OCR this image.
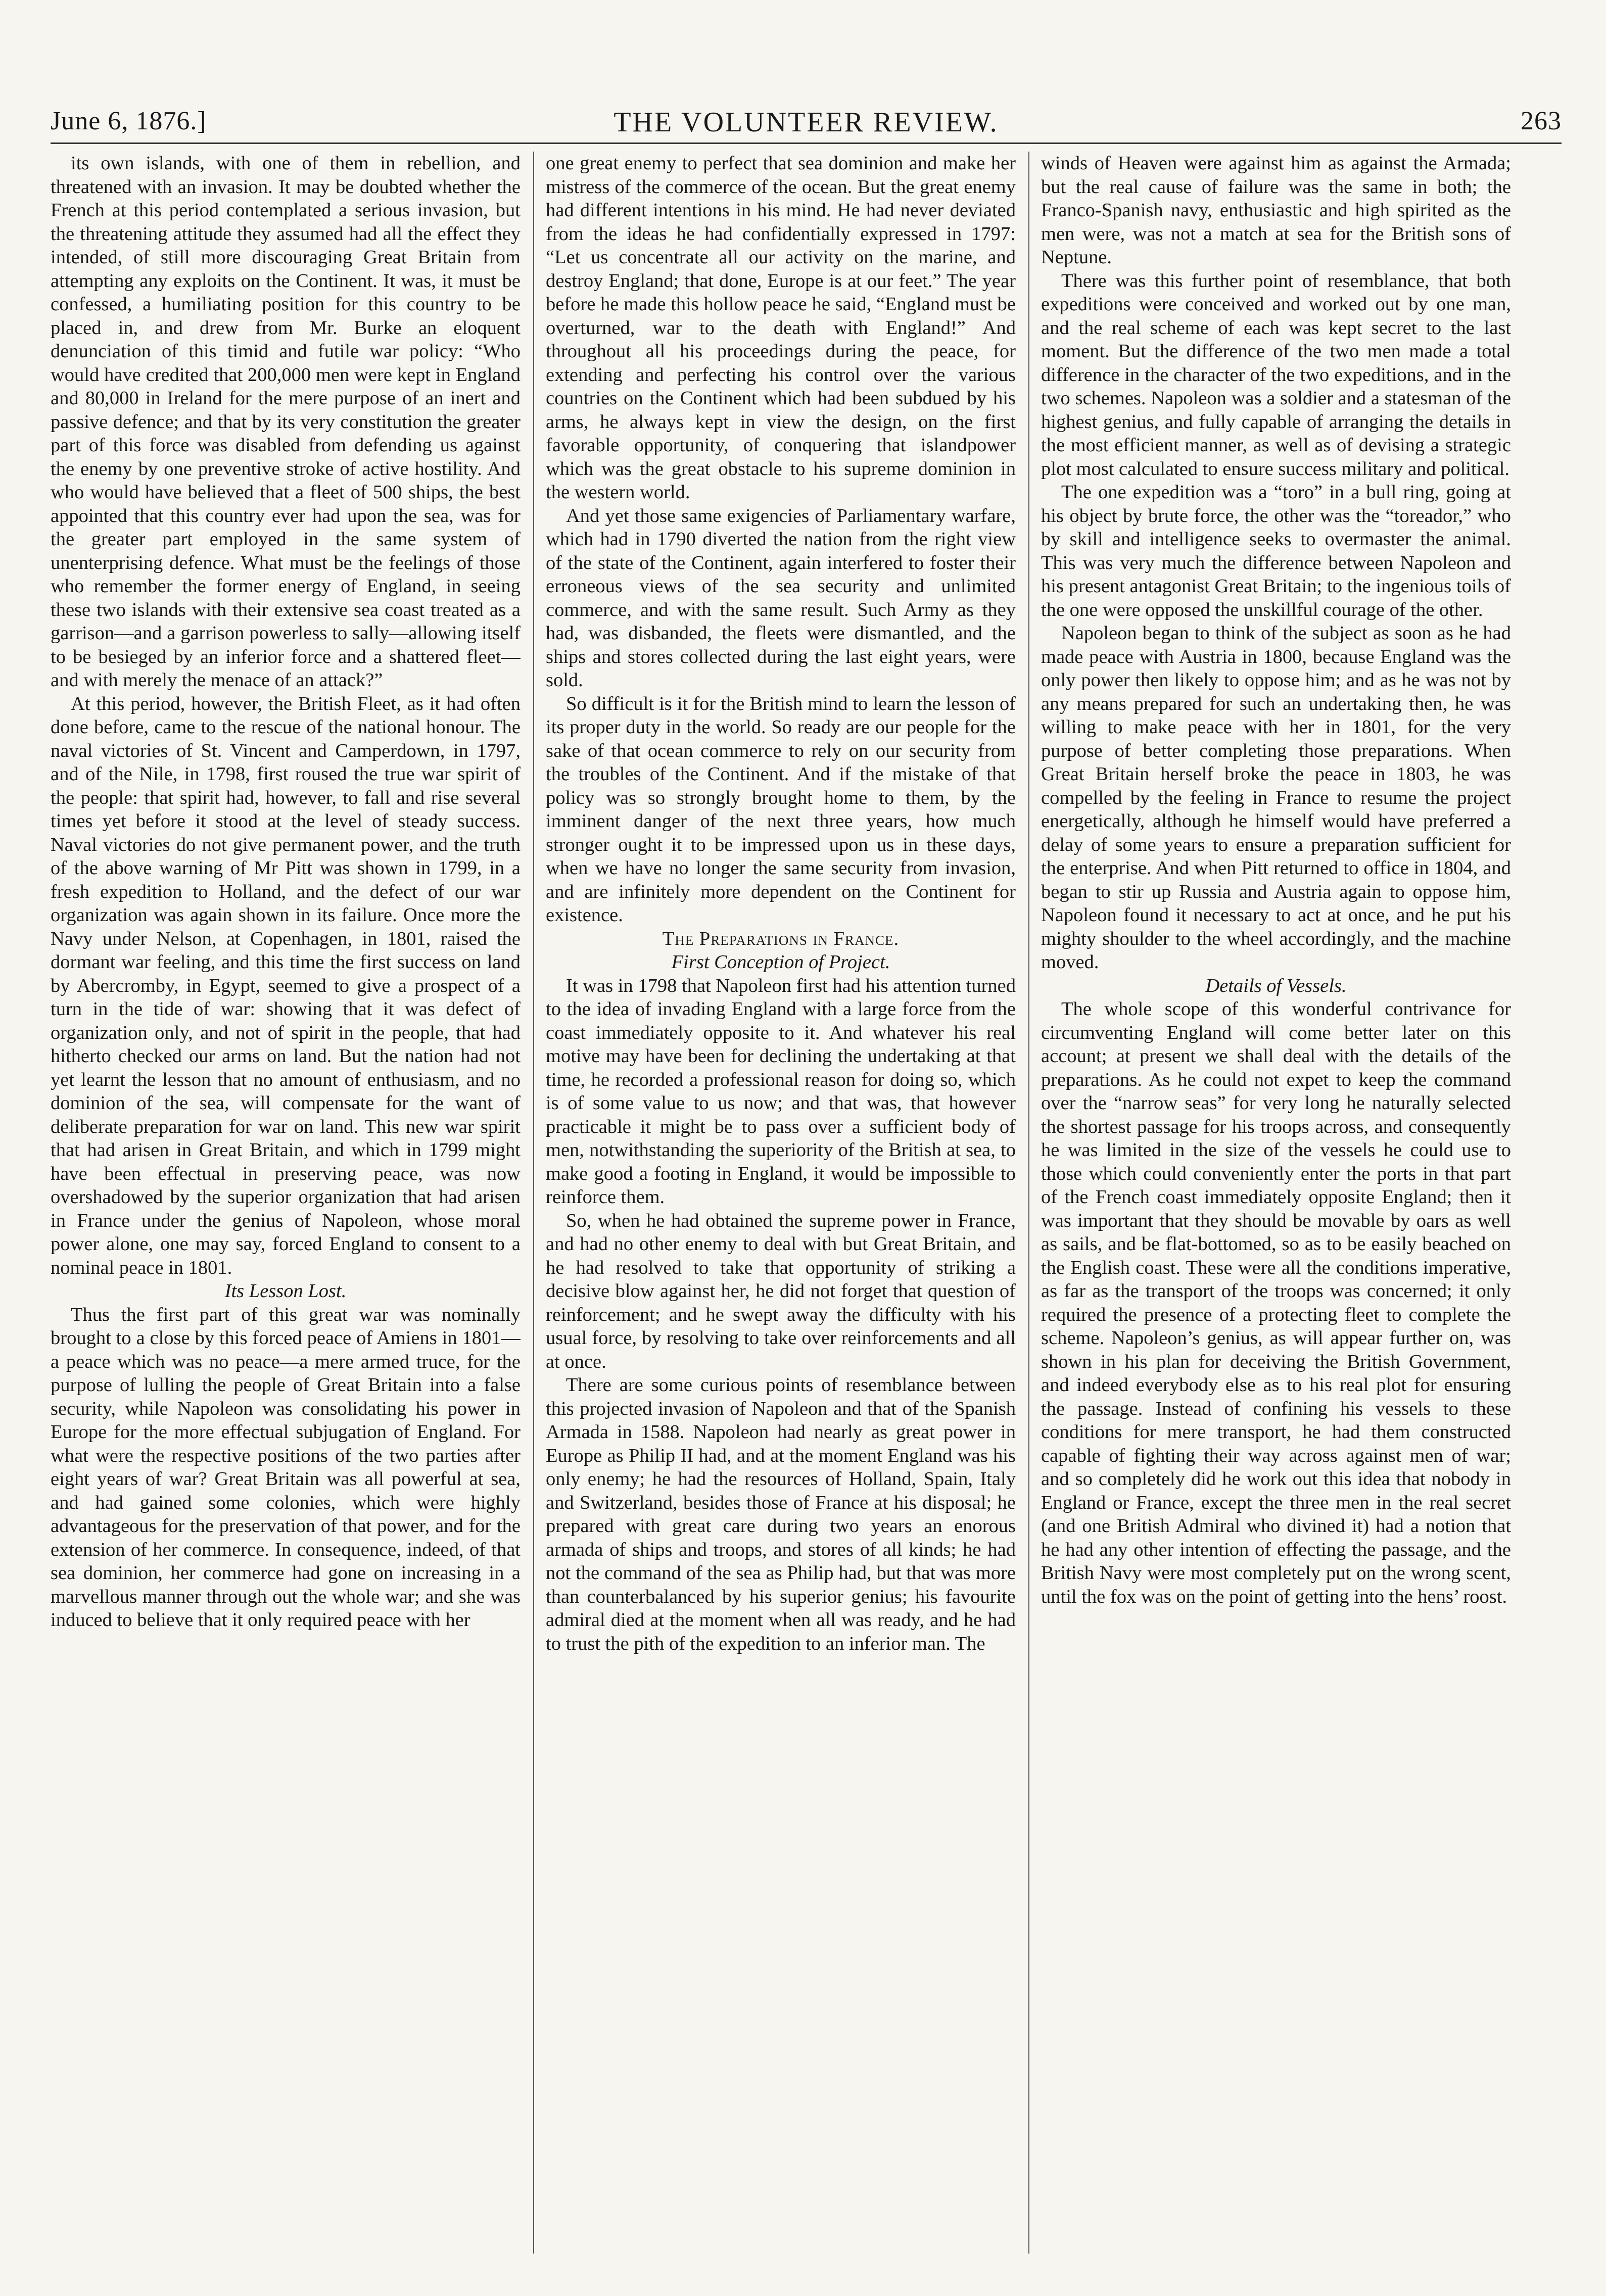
June 6, 1876.]	THE VOLUNTEER REVIEW.	263

its own islands, with one of them in rebellion, and threatened with an invasion. It may be doubted whether the French at this period contemplated a serious invasion, but the threatening attitude they assumed had all the effect they intended, of still more discouraging Great Britain from attempting any exploits on the Continent. It was, it must be confessed, a humiliating position for this country to be placed in, and drew from Mr. Burke an eloquent denunciation of this timid and futile war policy: “Who would have credited that 200,000 men were kept in England and 80,000 in Ireland for the mere purpose of an inert and passive defence; and that by its very constitution the greater part of this force was disabled from defending us against the enemy by one preventive stroke of active hostility. And who would have believed that a fleet of 500 ships, the best appointed that this country ever had upon the sea, was for the greater part employed in the same system of unenterprising defence. What must be the feelings of those who remember the former energy of England, in seeing these two islands with their extensive sea coast treated as a garrison—and a garrison powerless to sally—allowing itself to be besieged by an inferior force and a shattered fleet—and with merely the menace of an attack?”

At this period, however, the British Fleet, as it had often done before, came to the rescue of the national honour. The naval victories of St. Vincent and Camperdown, in 1797, and of the Nile, in 1798, first roused the true war spirit of the people: that spirit had, however, to fall and rise several times yet before it stood at the level of steady success. Naval victories do not give permanent power, and the truth of the above warning of Mr Pitt was shown in 1799, in a fresh expedition to Holland, and the defect of our war organization was again shown in its failure. Once more the Navy under Nelson, at Copenhagen, in 1801, raised the dormant war feeling, and this time the first success on land by Abercromby, in Egypt, seemed to give a prospect of a turn in the tide of war: showing that it was defect of organization only, and not of spirit in the people, that had hitherto checked our arms on land. But the nation had not yet learnt the lesson that no amount of enthusiasm, and no dominion of the sea, will compensate for the want of deliberate preparation for war on land. This new war spirit that had arisen in Great Britain, and which in 1799 might have been effectual in preserving peace, was now overshadowed by the superior organization that had arisen in France under the genius of Napoleon, whose moral power alone, one may say, forced England to consent to a nominal peace in 1801.

Its Lesson Lost.

Thus the first part of this great war was nominally brought to a close by this forced peace of Amiens in 1801—a peace which was no peace—a mere armed truce, for the purpose of lulling the people of Great Britain into a false security, while Napoleon was consolidating his power in Europe for the more effectual subjugation of England. For what were the respective positions of the two parties after eight years of war? Great Britain was all powerful at sea, and had gained some colonies, which were highly advantageous for the preservation of that power, and for the extension of her commerce. In consequence, indeed, of that sea dominion, her commerce had gone on increasing in a marvellous manner through out the whole war; and she was induced to believe that it only required peace with her

one great enemy to perfect that sea dominion and make her mistress of the commerce of the ocean. But the great enemy had different intentions in his mind. He had never deviated from the ideas he had confidentially expressed in 1797: “Let us concentrate all our activity on the marine, and destroy England; that done, Europe is at our feet.” The year before he made this hollow peace he said, “England must be overturned, war to the death with England!” And throughout all his proceedings during the peace, for extending and perfecting his control over the various countries on the Continent which had been subdued by his arms, he always kept in view the design, on the first favorable opportunity, of conquering that islandpower which was the great obstacle to his supreme dominion in the western world.

And yet those same exigencies of Parliamentary warfare, which had in 1790 diverted the nation from the right view of the state of the Continent, again interfered to foster their erroneous views of the sea security and unlimited commerce, and with the same result. Such Army as they had, was disbanded, the fleets were dismantled, and the ships and stores collected during the last eight years, were sold.

So difficult is it for the British mind to learn the lesson of its proper duty in the world. So ready are our people for the sake of that ocean commerce to rely on our security from the troubles of the Continent. And if the mistake of that policy was so strongly brought home to them, by the imminent danger of the next three years, how much stronger ought it to be impressed upon us in these days, when we have no longer the same security from invasion, and are infinitely more dependent on the Continent for existence.

The Preparations in France.

First Conception of Project.

It was in 1798 that Napoleon first had his attention turned to the idea of invading England with a large force from the coast immediately opposite to it. And whatever his real motive may have been for declining the undertaking at that time, he recorded a professional reason for doing so, which is of some value to us now; and that was, that however practicable it might be to pass over a sufficient body of men, notwithstanding the superiority of the British at sea, to make good a footing in England, it would be impossible to reinforce them.

So, when he had obtained the supreme power in France, and had no other enemy to deal with but Great Britain, and he had resolved to take that opportunity of striking a decisive blow against her, he did not forget that question of reinforcement; and he swept away the difficulty with his usual force, by resolving to take over reinforcements and all at once.

There are some curious points of resemblance between this projected invasion of Napoleon and that of the Spanish Armada in 1588. Napoleon had nearly as great power in Europe as Philip II had, and at the moment England was his only enemy; he had the resources of Holland, Spain, Italy and Switzerland, besides those of France at his disposal; he prepared with great care during two years an enorous armada of ships and troops, and stores of all kinds; he had not the command of the sea as Philip had, but that was more than counterbalanced by his superior genius; his favourite admiral died at the moment when all was ready, and he had to trust the pith of the expedition to an inferior man. The

winds of Heaven were against him as against the Armada; but the real cause of failure was the same in both; the Franco-Spanish navy, enthusiastic and high spirited as the men were, was not a match at sea for the British sons of Neptune.

There was this further point of resemblance, that both expeditions were conceived and worked out by one man, and the real scheme of each was kept secret to the last moment. But the difference of the two men made a total difference in the character of the two expeditions, and in the two schemes. Napoleon was a soldier and a statesman of the highest genius, and fully capable of arranging the details in the most efficient manner, as well as of devising a strategic plot most calculated to ensure success military and political.

The one expedition was a “toro” in a bull ring, going at his object by brute force, the other was the “toreador,” who by skill and intelligence seeks to overmaster the animal. This was very much the difference between Napoleon and his present antagonist Great Britain; to the ingenious toils of the one were opposed the unskillful courage of the other.

Napoleon began to think of the subject as soon as he had made peace with Austria in 1800, because England was the only power then likely to oppose him; and as he was not by any means prepared for such an undertaking then, he was willing to make peace with her in 1801, for the very purpose of better completing those preparations. When Great Britain herself broke the peace in 1803, he was compelled by the feeling in France to resume the project energetically, although he himself would have preferred a delay of some years to ensure a preparation sufficient for the enterprise. And when Pitt returned to office in 1804, and began to stir up Russia and Austria again to oppose him, Napoleon found it necessary to act at once, and he put his mighty shoulder to the wheel accordingly, and the machine moved.

Details of Vessels.

The whole scope of this wonderful contrivance for circumventing England will come better later on this account; at present we shall deal with the details of the preparations. As he could not expet to keep the command over the “narrow seas” for very long he naturally selected the shortest passage for his troops across, and consequently he was limited in the size of the vessels he could use to those which could conveniently enter the ports in that part of the French coast immediately opposite England; then it was important that they should be movable by oars as well as sails, and be flat-bottomed, so as to be easily beached on the English coast. These were all the conditions imperative, as far as the transport of the troops was concerned; it only required the presence of a protecting fleet to complete the scheme. Napoleon’s genius, as will appear further on, was shown in his plan for deceiving the British Government, and indeed everybody else as to his real plot for ensuring the passage. Instead of confining his vessels to these conditions for mere transport, he had them constructed capable of fighting their way across against men of war; and so completely did he work out this idea that nobody in England or France, except the three men in the real secret (and one British Admiral who divined it) had a notion that he had any other intention of effecting the passage, and the British Navy were most completely put on the wrong scent, until the fox was on the point of getting into the hens’ roost.
